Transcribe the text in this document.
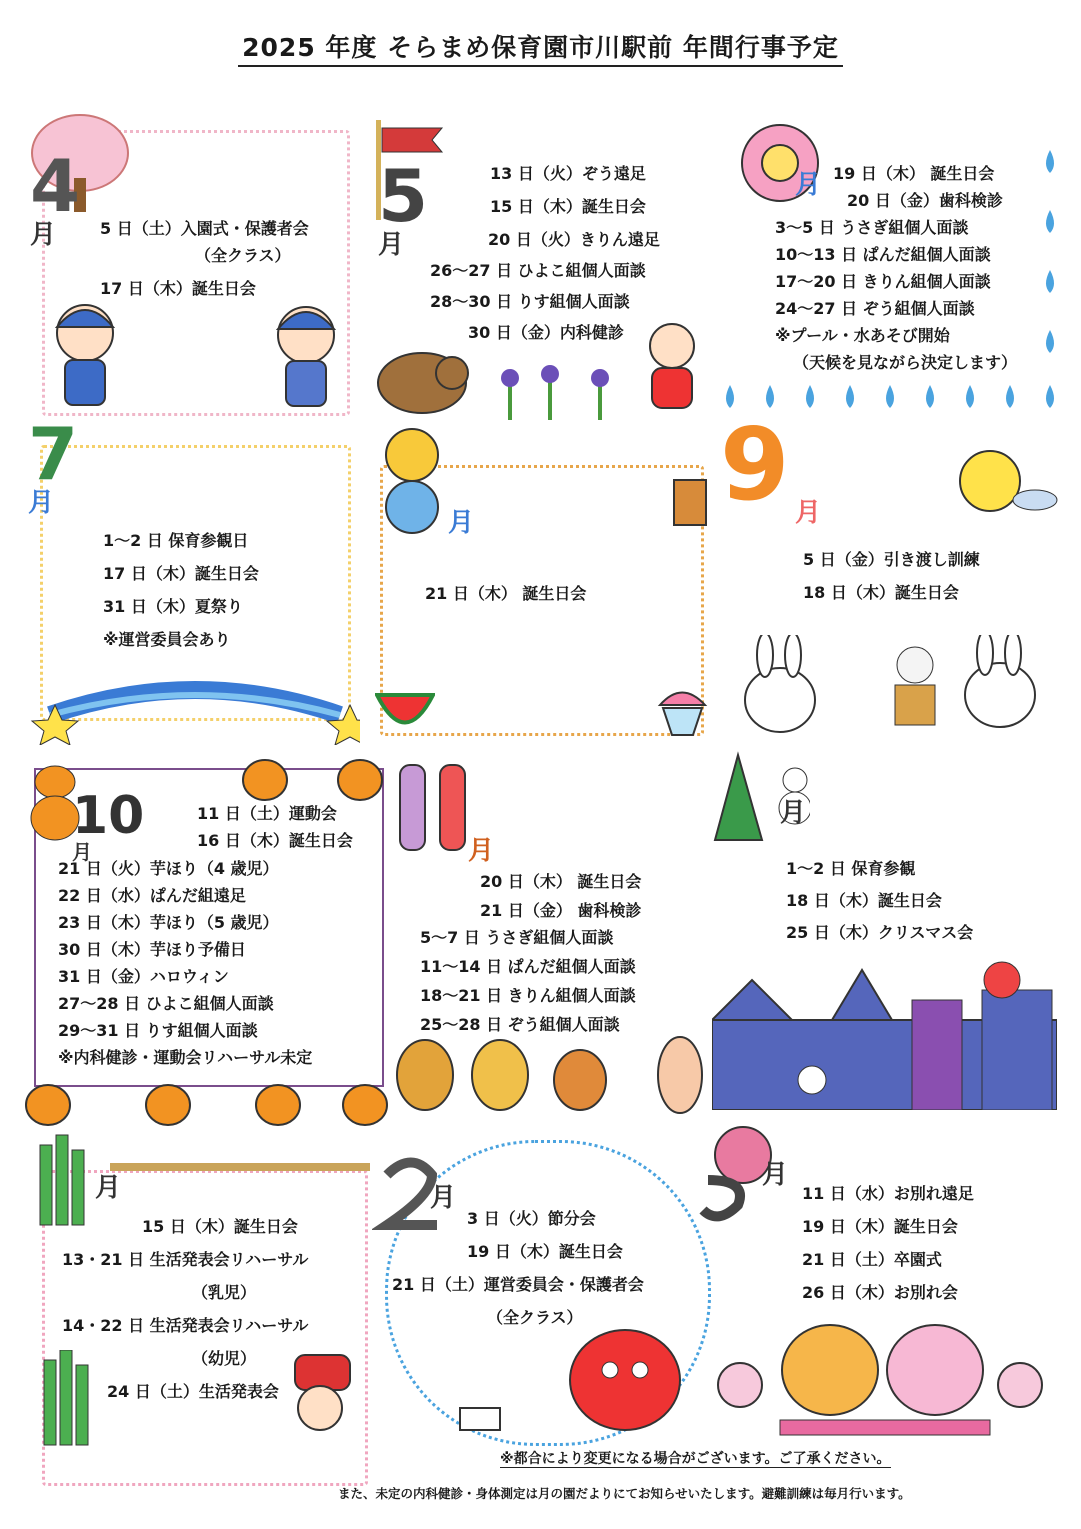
2025 年度 そらまめ保育園市川駅前 年間行事予定
4月	5 日（土）入園式・保護者会
（全クラス）
17 日（木）誕生日会
5月
13 日（火）ぞう遠足
15 日（木）誕生日会
20 日（火）きりん遠足
26～27 日 ひよこ組個人面談
28～30 日 りす組個人面談
30 日（金）内科健診
月 19 日（木） 誕生日会
20 日（金）歯科検診
3～5 日 うさぎ組個人面談
10～13 日 ぱんだ組個人面談
17～20 日 きりん組個人面談
24～27 日 ぞう組個人面談
※プール・水あそび開始
（天候を見ながら決定します）
7月
1～2 日 保育参観日
17 日（木）誕生日会
31 日（木）夏祭り
※運営委員会あり
月
21 日（木） 誕生日会
9 月
5 日（金）引き渡し訓練
18 日（木）誕生日会
10月
11 日（土）運動会
16 日（木）誕生日会
21 日（火）芋ほり（4 歳児）
22 日（水）ぱんだ組遠足
23 日（木）芋ほり（5 歳児）
30 日（木）芋ほり予備日
31 日（金）ハロウィン
27～28 日 ひよこ組個人面談
29～31 日 りす組個人面談
※内科健診・運動会リハーサル未定
月
20 日（木） 誕生日会
21 日（金） 歯科検診
5～7 日 うさぎ組個人面談
11～14 日 ぱんだ組個人面談
18～21 日 きりん組個人面談
25～28 日 ぞう組個人面談
月
1～2 日 保育参観
18 日（木）誕生日会
25 日（木）クリスマス会
月
15 日（木）誕生日会
13・21 日 生活発表会リハーサル
（乳児）
14・22 日 生活発表会リハーサル
（幼児）
24 日（土）生活発表会
月
3 日（火）節分会
19 日（木）誕生日会
21 日（土）運営委員会・保護者会
（全クラス）
月
11 日（水）お別れ遠足
19 日（木）誕生日会
21 日（土）卒園式
26 日（木）お別れ会
※都合により変更になる場合がございます。ご了承ください。
また、未定の内科健診・身体測定は月の園だよりにてお知らせいたします。避難訓練は毎月行います。
